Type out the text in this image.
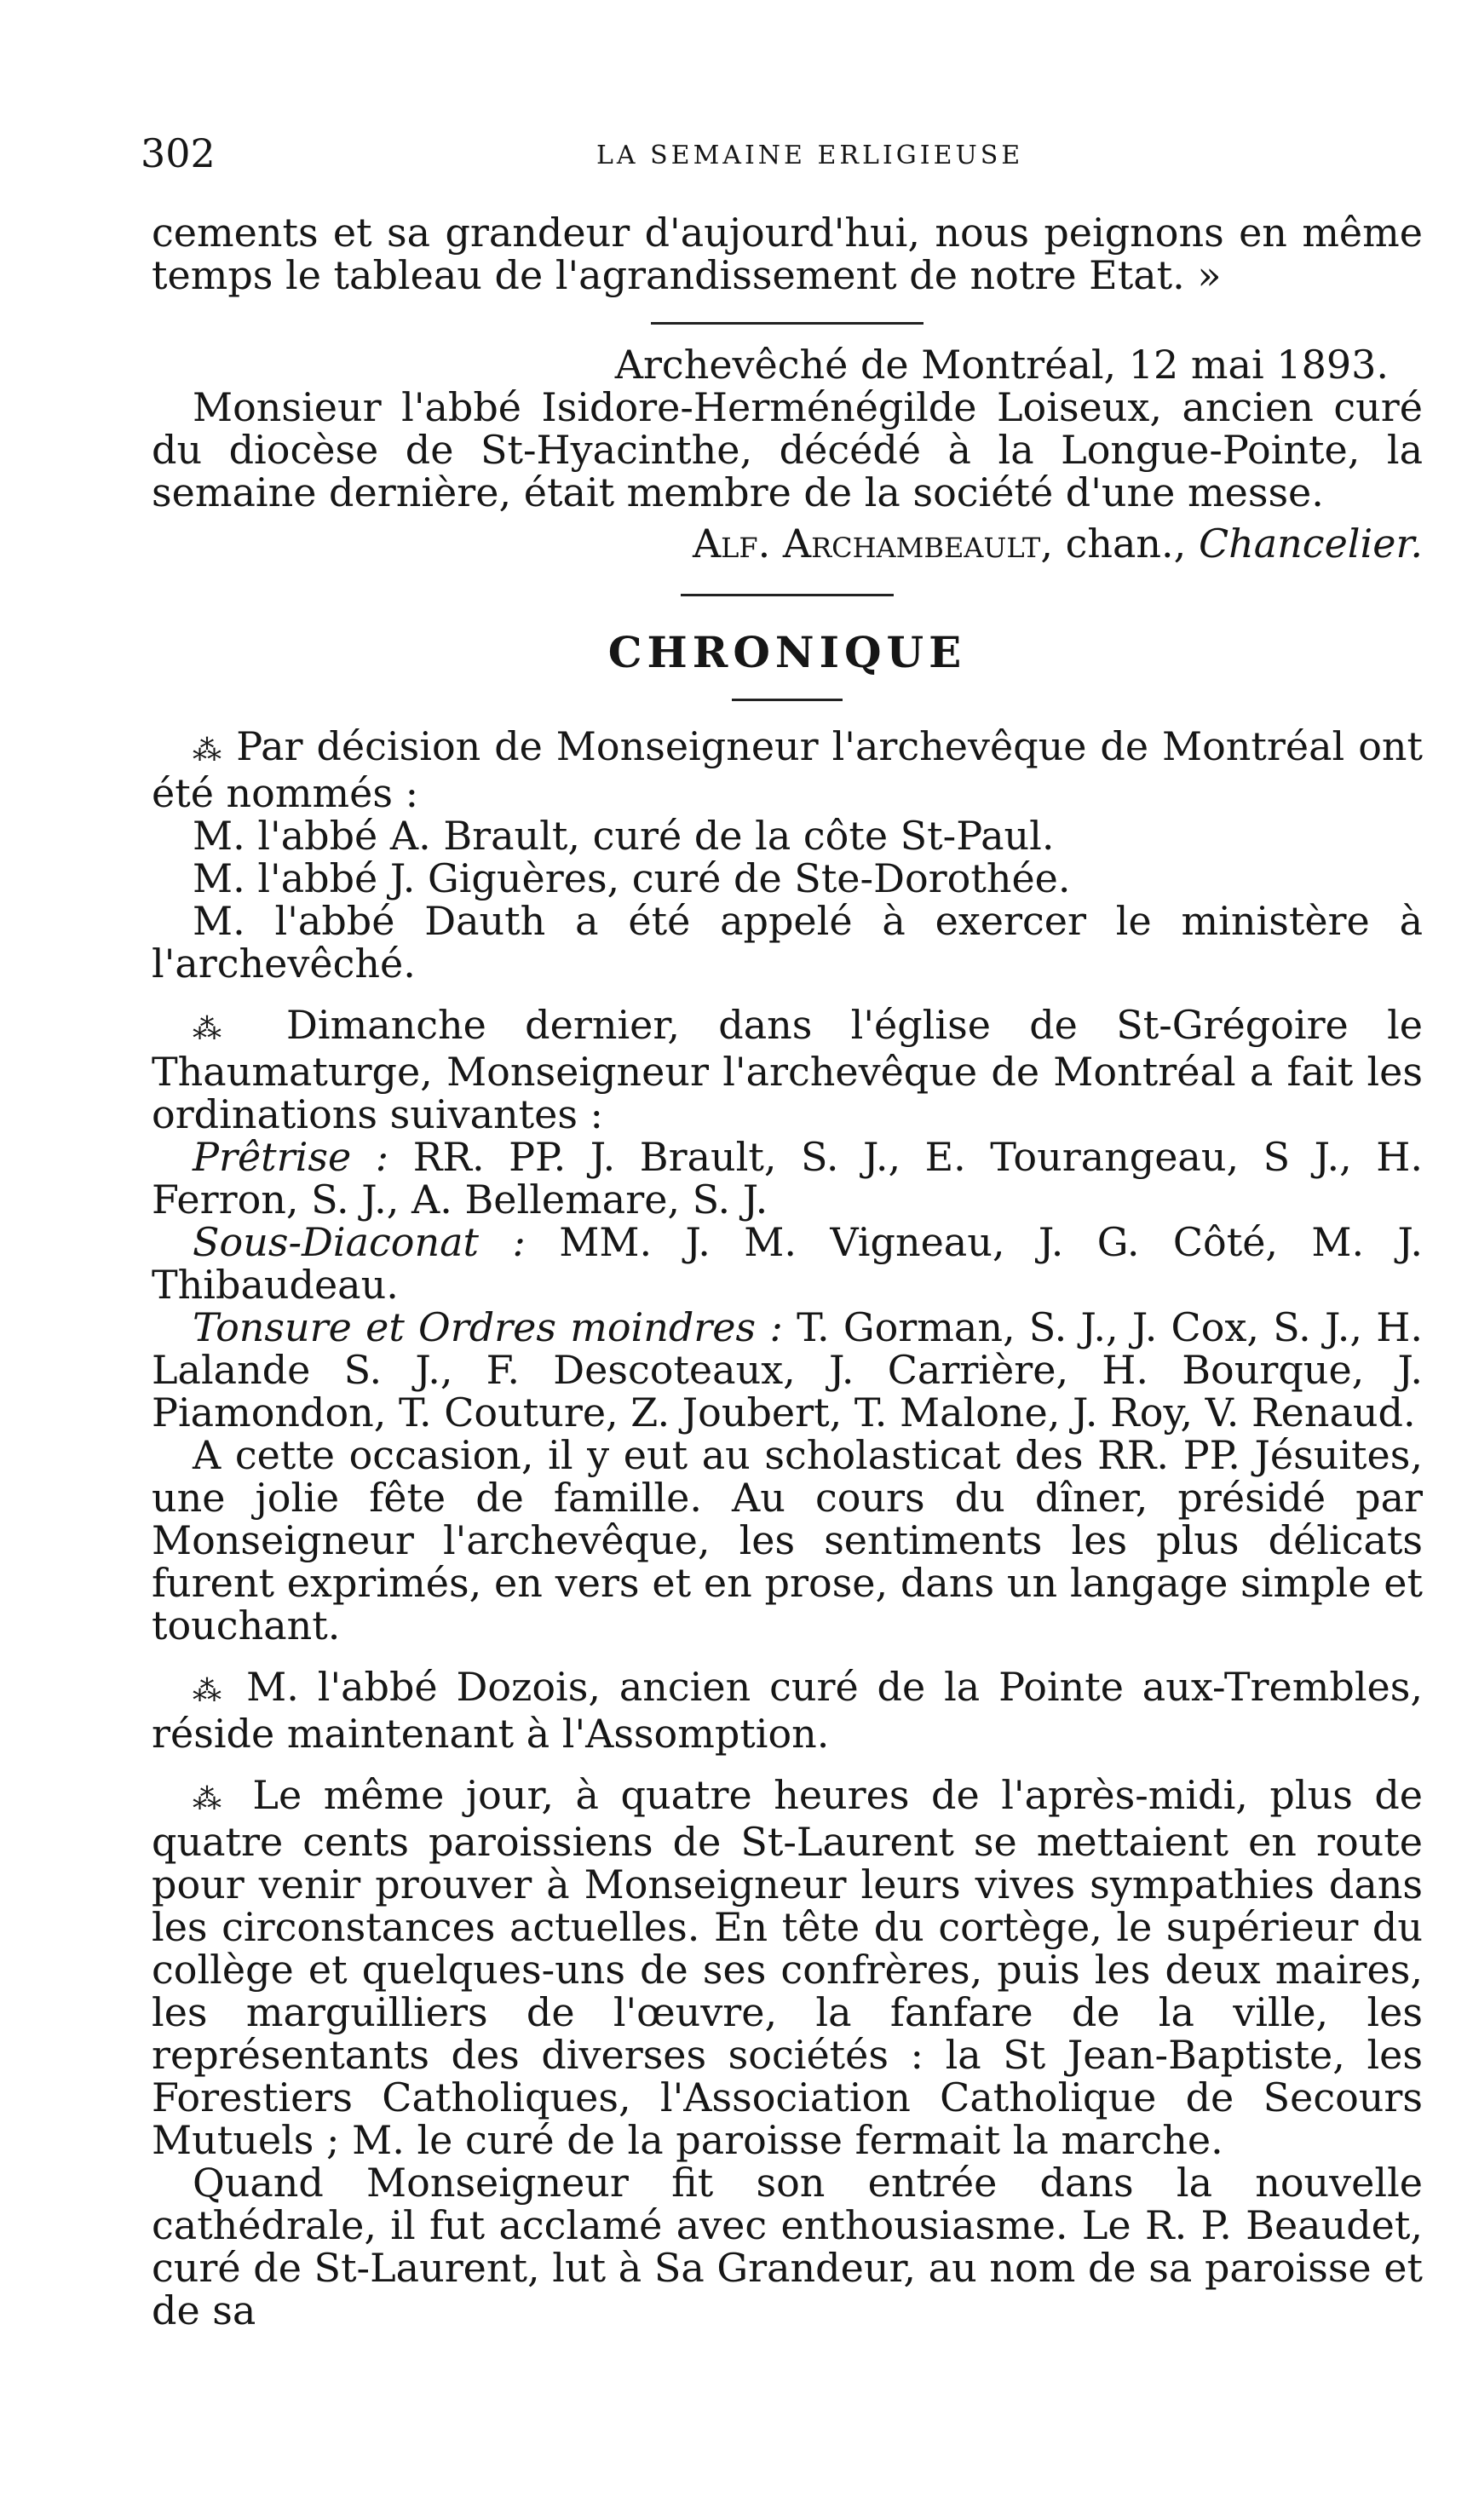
302	LA SEMAINE ERLIGIEUSE

cements et sa grandeur d'aujourd'hui, nous peignons en même temps le tableau de l'agrandissement de notre Etat. »

Archevêché de Montréal, 12 mai 1893.

Monsieur l'abbé Isidore-Herménégilde Loiseux, ancien curé du diocèse de St-Hyacinthe, décédé à la Longue-Pointe, la semaine dernière, était membre de la société d'une messe.

Alf. Archambeault, chan., Chancelier.

CHRONIQUE

⁂ Par décision de Monseigneur l'archevêque de Montréal ont été nommés :

M. l'abbé A. Brault, curé de la côte St-Paul.

M. l'abbé J. Giguères, curé de Ste-Dorothée.

M. l'abbé Dauth a été appelé à exercer le ministère à l'archevêché.

⁂ Dimanche dernier, dans l'église de St-Grégoire le Thaumaturge, Monseigneur l'archevêque de Montréal a fait les ordinations suivantes :

Prêtrise : RR. PP. J. Brault, S. J., E. Tourangeau, S J., H. Ferron, S. J., A. Bellemare, S. J.

Sous-Diaconat : MM. J. M. Vigneau, J. G. Côté, M. J. Thibaudeau.

Tonsure et Ordres moindres : T. Gorman, S. J., J. Cox, S. J., H. Lalande S. J., F. Descoteaux, J. Carrière, H. Bourque, J. Piamondon, T. Couture, Z. Joubert, T. Malone, J. Roy, V. Renaud.

A cette occasion, il y eut au scholasticat des RR. PP. Jésuites, une jolie fête de famille. Au cours du dîner, présidé par Monseigneur l'archevêque, les sentiments les plus délicats furent exprimés, en vers et en prose, dans un langage simple et touchant.

⁂ M. l'abbé Dozois, ancien curé de la Pointe aux-Trembles, réside maintenant à l'Assomption.

⁂ Le même jour, à quatre heures de l'après-midi, plus de quatre cents paroissiens de St-Laurent se mettaient en route pour venir prouver à Monseigneur leurs vives sympathies dans les circonstances actuelles. En tête du cortège, le supérieur du collège et quelques-uns de ses confrères, puis les deux maires, les marguilliers de l'œuvre, la fanfare de la ville, les représentants des diverses sociétés : la St Jean-Baptiste, les Forestiers Catholiques, l'Association Catholique de Secours Mutuels ; M. le curé de la paroisse fermait la marche.

Quand Monseigneur fit son entrée dans la nouvelle cathédrale, il fut acclamé avec enthousiasme. Le R. P. Beaudet, curé de St-Laurent, lut à Sa Grandeur, au nom de sa paroisse et de sa
